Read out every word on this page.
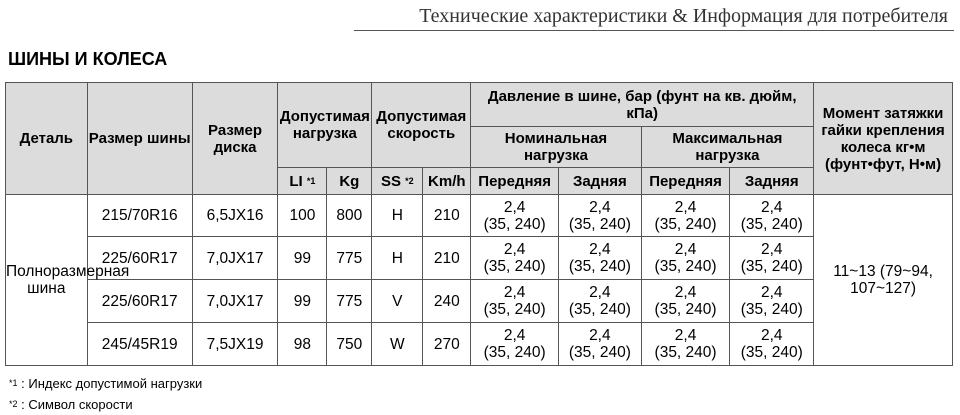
Технические характеристики & Информация для потребителя
ШИНЫ И КОЛЕСА
Деталь	Размер шины	Размер диска	Допустимая нагрузка		Допустимая скорость		Давление в шине, бар (фунт на кв. дюйм, кПа)				Момент затяжки гайки крепления колеса кг•м (фунт•фут, Н•м)
							Номинальная нагрузка		Максимальная нагрузка		
			LI $^{*1}$	Kg	SS $^{*2}$	Km/h	Передняя	Задняя	Передняя	Задняя	
Полноразмерная шина	215/70R16	6,5JX16	100	800	H	210	2,4
(35, 240)	2,4
(35, 240)	2,4
(35, 240)	2,4
(35, 240)	11~13 (79~94, 107~127)
	225/60R17	7,0JX17	99	775	H	210	2,4
(35, 240)	2,4
(35, 240)	2,4
(35, 240)	2,4
(35, 240)	
	225/60R17	7,0JX17	99	775	V	240	2,4
(35, 240)	2,4
(35, 240)	2,4
(35, 240)	2,4
(35, 240)	
	245/45R19	7,5JX19	98	750	W	270	2,4
(35, 240)	2,4
(35, 240)	2,4
(35, 240)	2,4
(35, 240)	
$^{*1}$ : Индекс допустимой нагрузки
$^{*2}$ : Символ скорости
